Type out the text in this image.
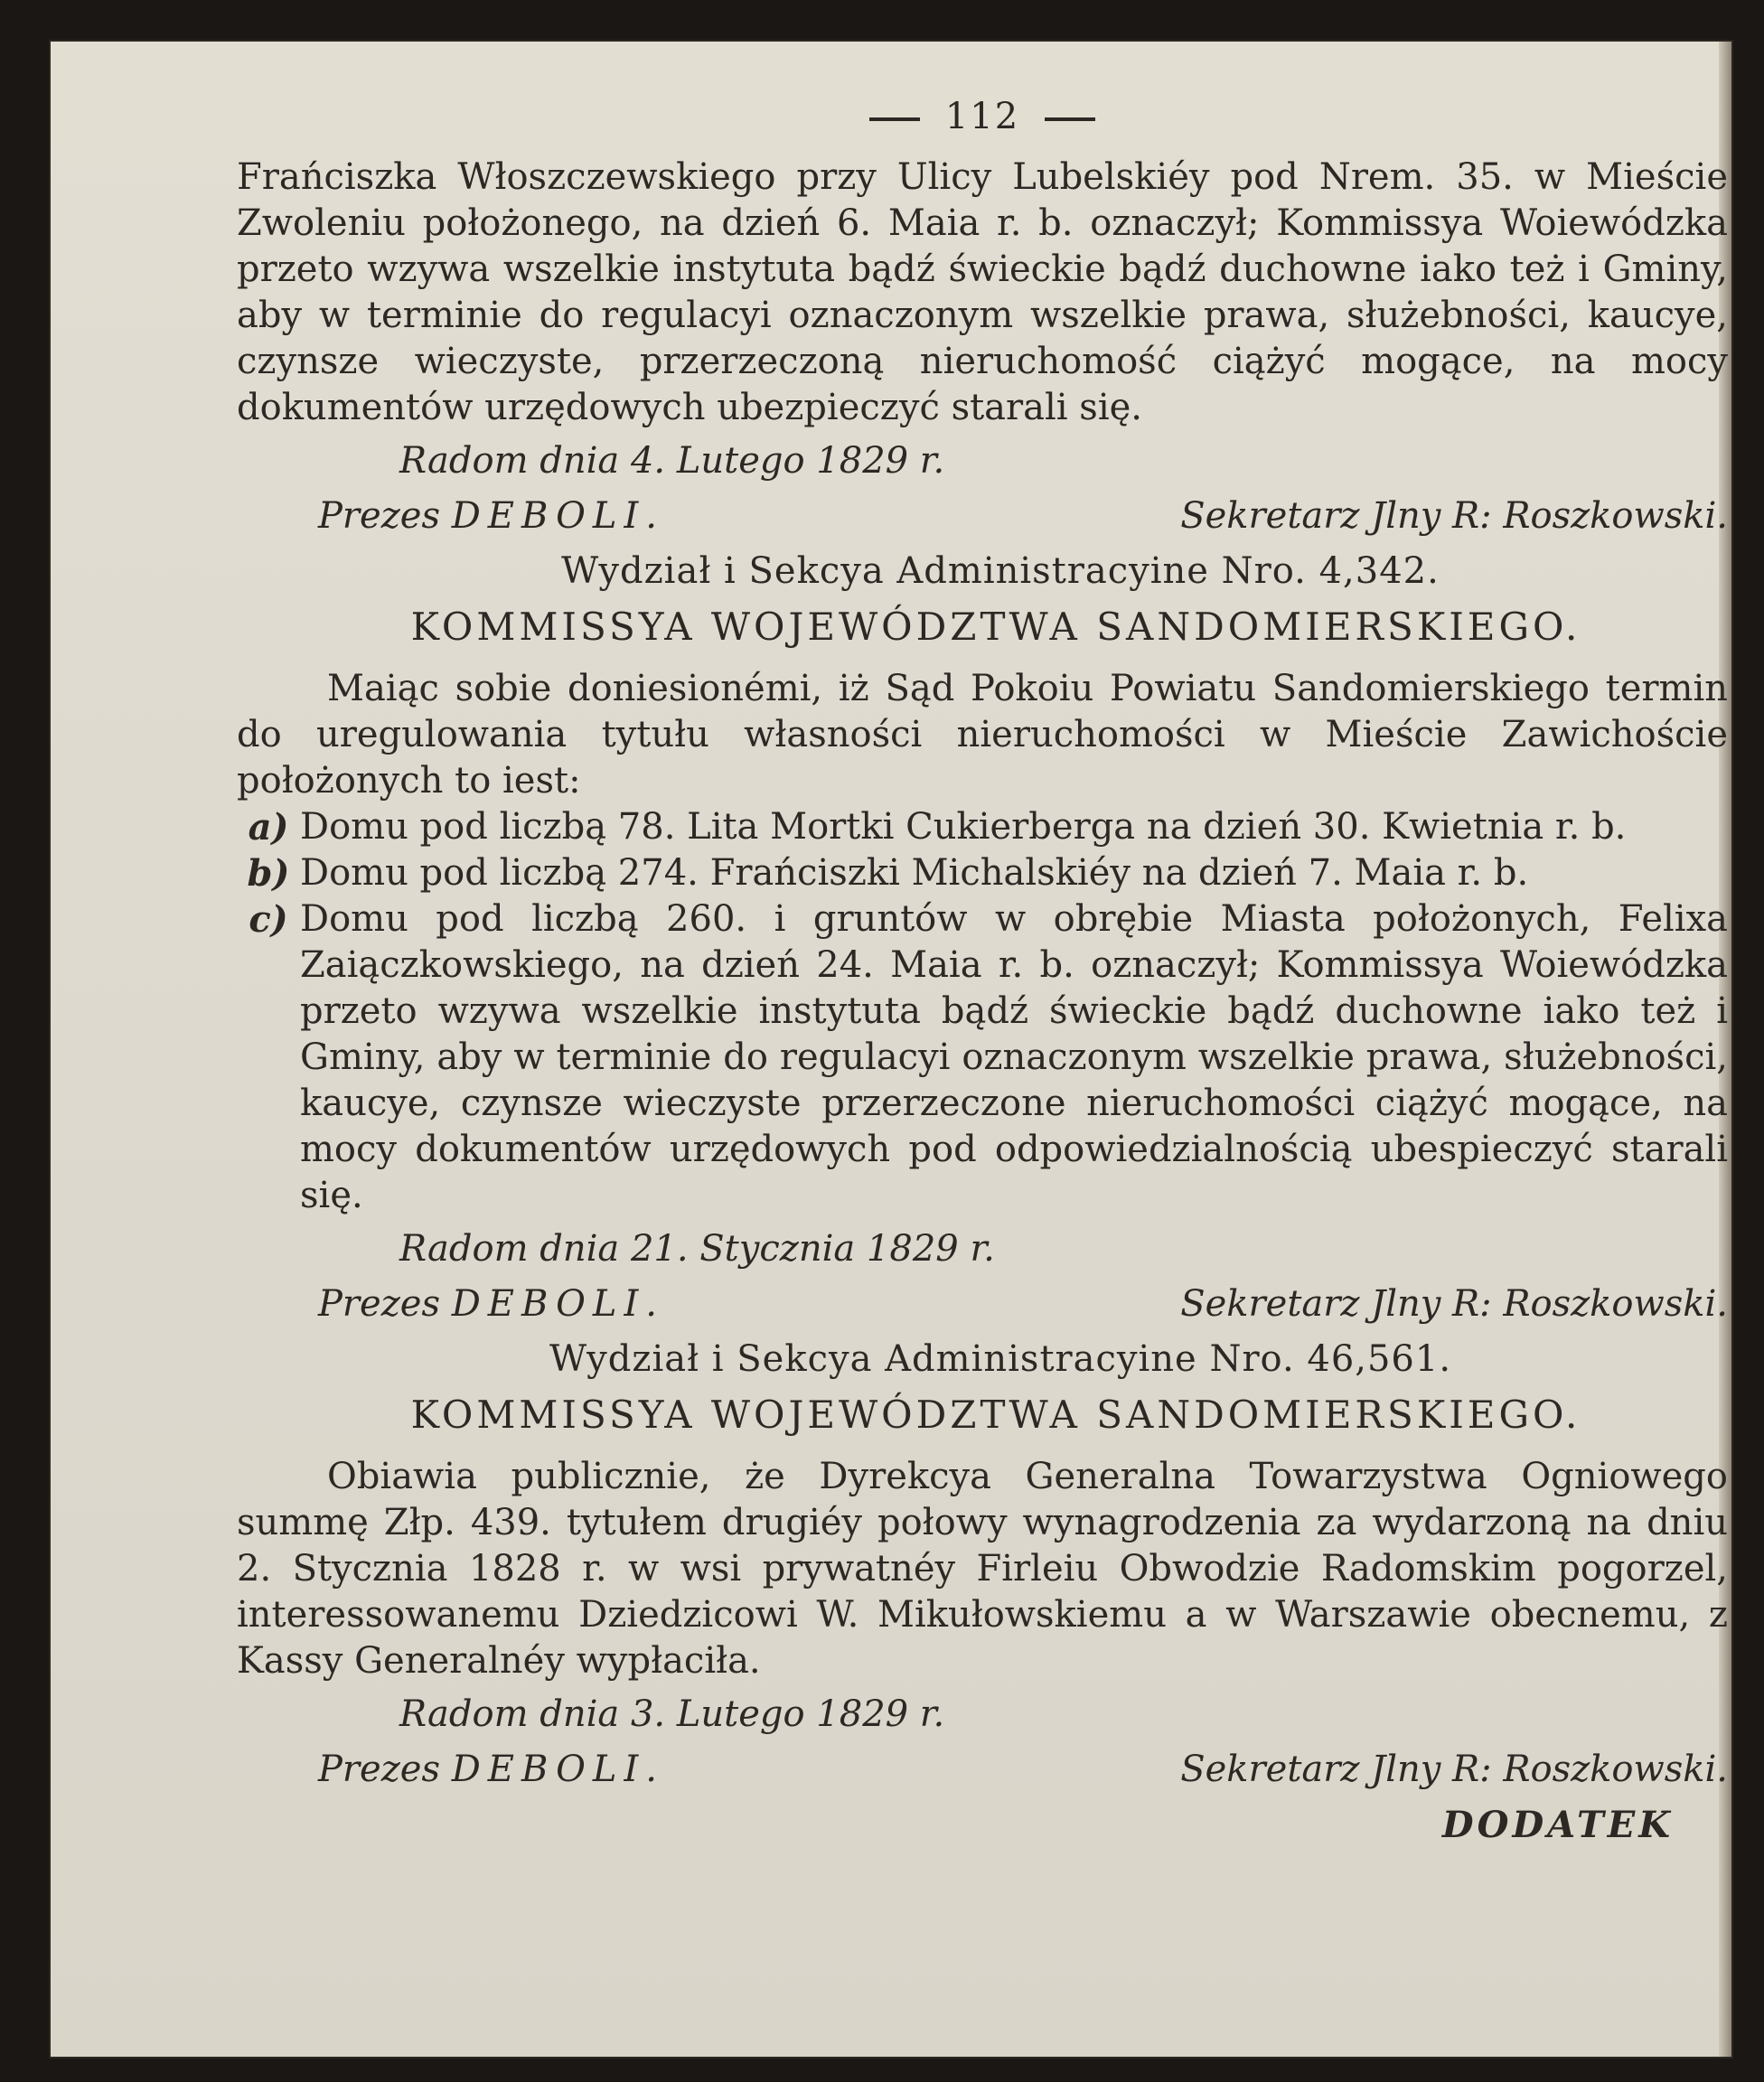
112

Frańciszka Włoszczewskiego przy Ulicy Lubelskiéy pod Nrem. 35. w Mieście Zwoleniu położonego, na dzień 6. Maia r. b. oznaczył; Kommissya Woiewódzka przeto wzywa wszelkie instytuta bądź świeckie bądź duchowne iako też i Gminy, aby w terminie do regulacyi oznaczonym wszelkie prawa, służebności, kaucye, czynsze wieczyste, przerzeczoną nieruchomość ciążyć mogące, na mocy dokumentów urzędowych ubezpieczyć starali się.

Radom dnia 4. Lutego 1829 r.
Prezes DEBOLI.	Sekretarz Jlny R: Roszkowski.
Wydział i Sekcya Administracyine Nro. 4,342.
KOMMISSYA WOJEWÓDZTWA SANDOMIERSKIEGO.

Maiąc sobie doniesionémi, iż Sąd Pokoiu Powiatu Sandomierskiego termin do uregulowania tytułu własności nieruchomości w Mieście Zawichoście położonych to iest:

a) Domu pod liczbą 78. Lita Mortki Cukierberga na dzień 30. Kwietnia r. b.
b) Domu pod liczbą 274. Frańciszki Michalskiéy na dzień 7. Maia r. b.
c) Domu pod liczbą 260. i gruntów w obrębie Miasta położonych, Felixa Zaiączkowskiego, na dzień 24. Maia r. b. oznaczył; Kommissya Woiewódzka przeto wzywa wszelkie instytuta bądź świeckie bądź duchowne iako też i Gminy, aby w terminie do regulacyi oznaczonym wszelkie prawa, służebności, kaucye, czynsze wieczyste przerzeczone nieruchomości ciążyć mogące, na mocy dokumentów urzędowych pod odpowiedzialnością ubespieczyć starali się.
Radom dnia 21. Stycznia 1829 r.
Prezes DEBOLI.	Sekretarz Jlny R: Roszkowski.
Wydział i Sekcya Administracyine Nro. 46,561.
KOMMISSYA WOJEWÓDZTWA SANDOMIERSKIEGO.

Obiawia publicznie, że Dyrekcya Generalna Towarzystwa Ogniowego summę Złp. 439. tytułem drugiéy połowy wynagrodzenia za wydarzoną na dniu 2. Stycznia 1828 r. w wsi prywatnéy Firleiu Obwodzie Radomskim pogorzel, interessowanemu Dziedzicowi W. Mikułowskiemu a w Warszawie obecnemu, z Kassy Generalnéy wypłaciła.

Radom dnia 3. Lutego 1829 r.
Prezes DEBOLI.	Sekretarz Jlny R: Roszkowski.
DODATEK
